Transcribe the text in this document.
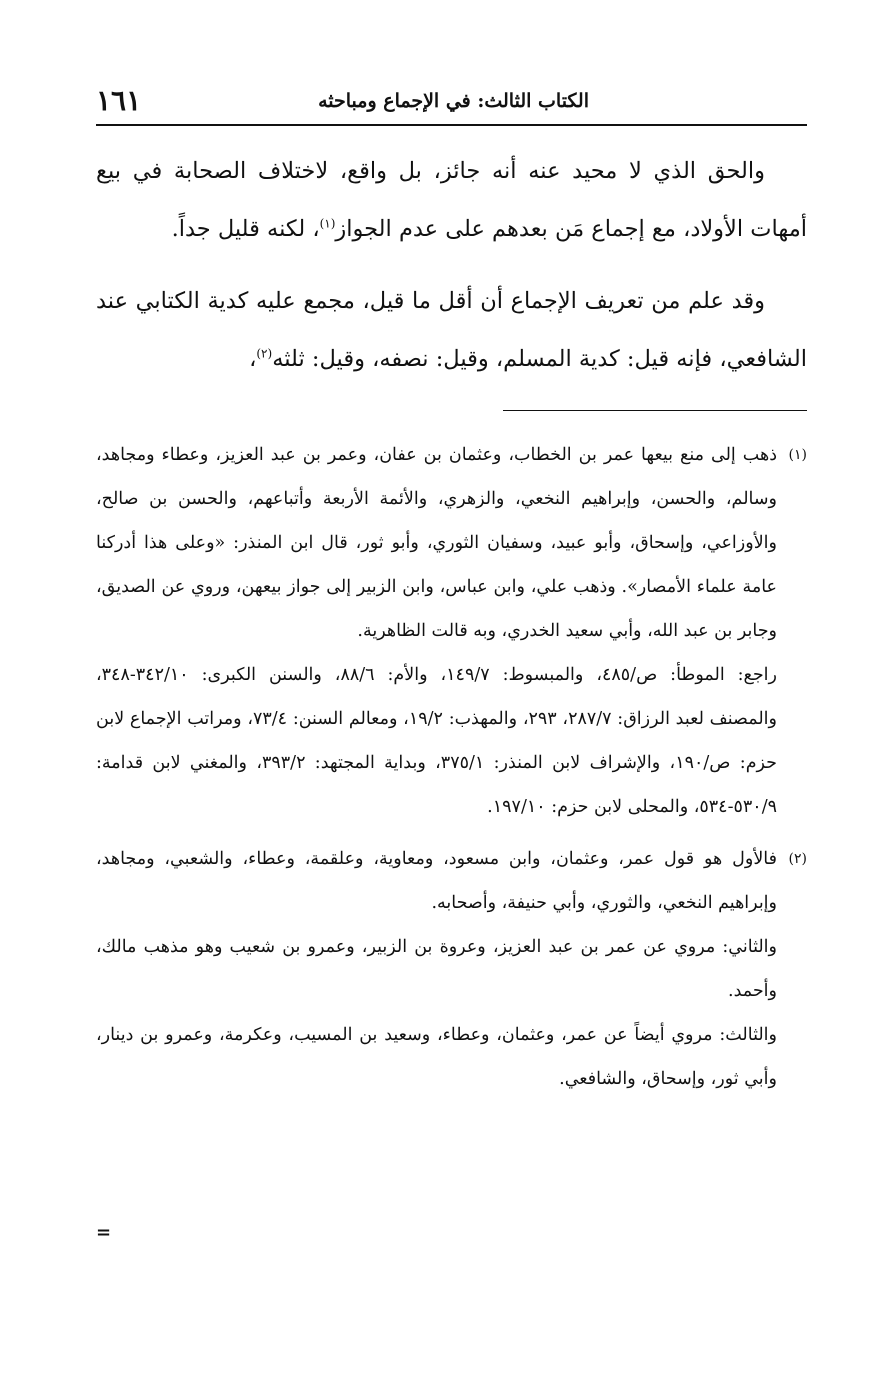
الكتاب الثالث: في الإجماع ومباحثه
١٦١

والحق الذي لا محيد عنه أنه جائز، بل واقع، لاختلاف الصحابة في بيع أمهات الأولاد، مع إجماع مَن بعدهم على عدم الجواز$^{(١)}$، لكنه قليل جداً.

وقد علم من تعريف الإجماع أن أقل ما قيل، مجمع عليه كدية الكتابي عند الشافعي، فإنه قيل: كدية المسلم، وقيل: نصفه، وقيل: ثلثه$^{(٢)}$،

(١)

ذهب إلى منع بيعها عمر بن الخطاب، وعثمان بن عفان، وعمر بن عبد العزيز، وعطاء ومجاهد، وسالم، والحسن، وإبراهيم النخعي، والزهري، والأئمة الأربعة وأتباعهم، والحسن بن صالح، والأوزاعي، وإسحاق، وأبو عبيد، وسفيان الثوري، وأبو ثور، قال ابن المنذر: «وعلى هذا أدركنا عامة علماء الأمصار». وذهب علي، وابن عباس، وابن الزبير إلى جواز بيعهن، وروي عن الصديق، وجابر بن عبد الله، وأبي سعيد الخدري، وبه قالت الظاهرية.

راجع: الموطأ: ص/٤٨٥، والمبسوط: ١٤٩/٧، والأم: ٨٨/٦، والسنن الكبرى: ٣٤٢/١٠-٣٤٨، والمصنف لعبد الرزاق: ٢٨٧/٧، ٢٩٣، والمهذب: ١٩/٢، ومعالم السنن: ٧٣/٤، ومراتب الإجماع لابن حزم: ص/١٩٠، والإشراف لابن المنذر: ٣٧٥/١، وبداية المجتهد: ٣٩٣/٢، والمغني لابن قدامة: ٥٣٠/٩-٥٣٤، والمحلى لابن حزم: ١٩٧/١٠.

(٢)

فالأول هو قول عمر، وعثمان، وابن مسعود، ومعاوية، وعلقمة، وعطاء، والشعبي، ومجاهد، وإبراهيم النخعي، والثوري، وأبي حنيفة، وأصحابه.

والثاني: مروي عن عمر بن عبد العزيز، وعروة بن الزبير، وعمرو بن شعيب وهو مذهب مالك، وأحمد.

والثالث: مروي أيضاً عن عمر، وعثمان، وعطاء، وسعيد بن المسيب، وعكرمة، وعمرو بن دينار، وأبي ثور، وإسحاق، والشافعي.

=
